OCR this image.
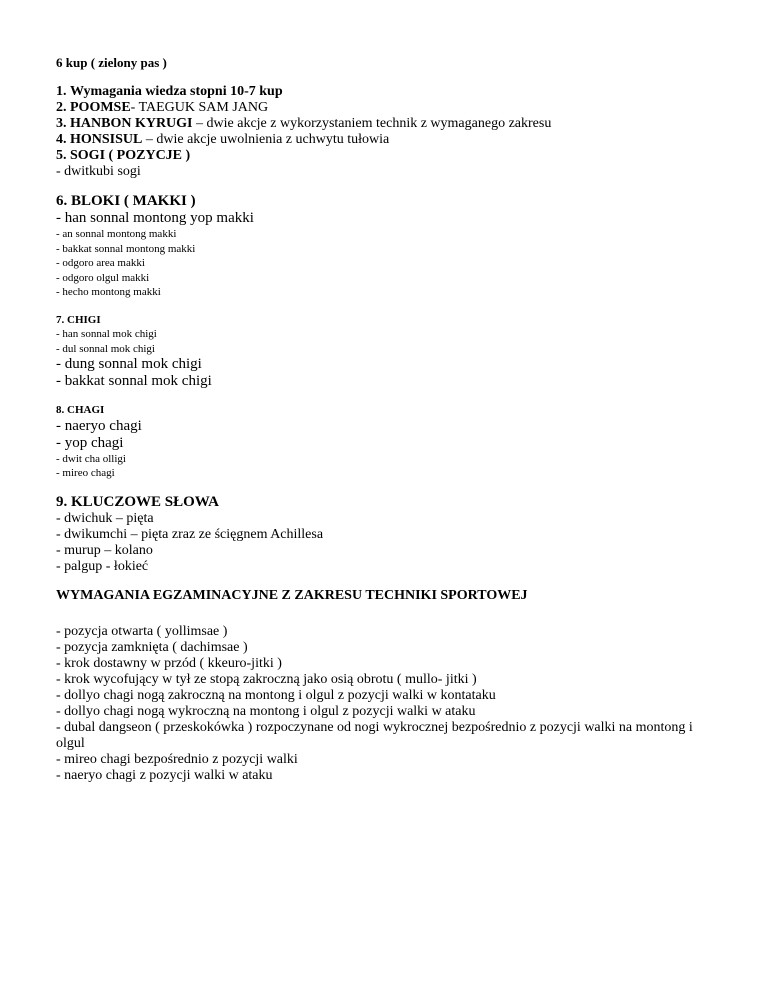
6 kup ( zielony pas )
1. Wymagania wiedza stopni 10-7 kup
2. POOMSE- TAEGUK SAM JANG
3. HANBON KYRUGI – dwie akcje z wykorzystaniem technik z wymaganego zakresu
4. HONSISUL – dwie akcje uwolnienia z uchwytu tułowia
5. SOGI ( POZYCJE )
- dwitkubi sogi
6. BLOKI ( MAKKI )
- han sonnal montong yop makki
- an sonnal montong makki
- bakkat sonnal montong makki
- odgoro area makki
- odgoro olgul makki
- hecho montong makki
7. CHIGI
- han sonnal mok chigi
- dul sonnal mok chigi
- dung sonnal mok chigi
- bakkat sonnal mok chigi
8. CHAGI
- naeryo chagi
- yop chagi
- dwit cha olligi
- mireo chagi
9. KLUCZOWE SŁOWA
- dwichuk – pięta
- dwikumchi – pięta zraz ze ścięgnem Achillesa
- murup – kolano
- palgup - łokieć
WYMAGANIA EGZAMINACYJNE Z ZAKRESU TECHNIKI SPORTOWEJ
- pozycja otwarta ( yollimsae )
- pozycja zamknięta ( dachimsae )
- krok dostawny w przód ( kkeuro-jitki )
- krok wycofujący w tył ze stopą zakroczną jako osią obrotu ( mullo- jitki )
- dollyo chagi nogą zakroczną na montong i olgul z pozycji walki w kontataku
- dollyo chagi nogą wykroczną na montong i olgul z pozycji walki w ataku
- dubal dangseon ( przeskokówka ) rozpoczynane od nogi wykrocznej bezpośrednio z pozycji walki na montong i olgul
- mireo chagi bezpośrednio z pozycji walki
- naeryo chagi z pozycji walki w ataku
